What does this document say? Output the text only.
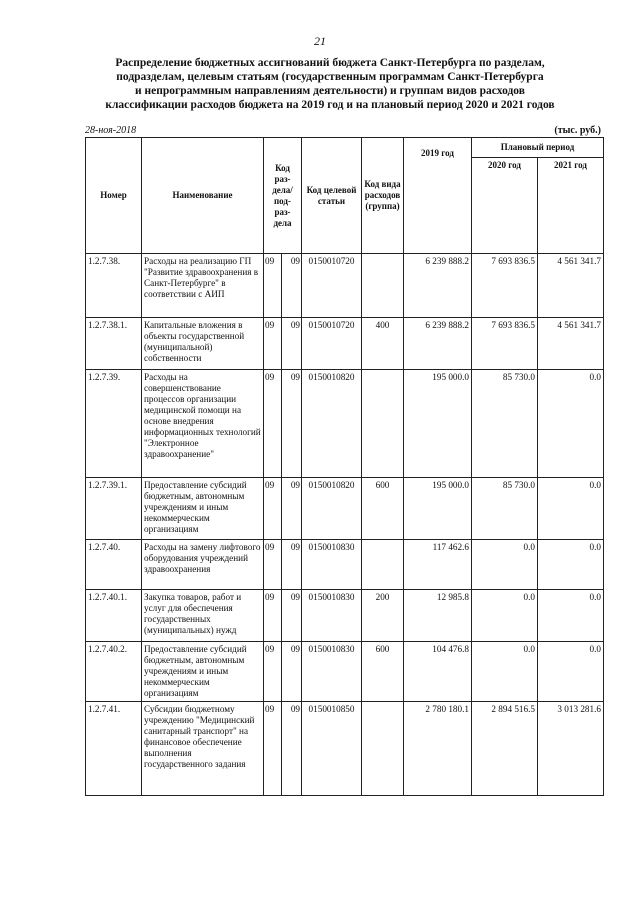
21
Распределение бюджетных ассигнований бюджета Санкт-Петербурга по разделам,
подразделам, целевым статьям (государственным программам Санкт-Петербурга
и непрограммным направлениям деятельности) и группам видов расходов
классификации расходов бюджета на 2019 год и на плановый период 2020 и 2021 годов
28-ноя-2018	(тыс. руб.)
Номер	Наименование	Код раз-дела/ под-раз-дела		Код целевой статьи	Код вида расходов (группа)	2019 год	Плановый период	
							2020 год	2021 год
1.2.7.38.	Расходы на реализацию ГП "Развитие здравоохранения в Санкт-Петербурге" в соответствии с АИП	09	09	0150010720		6 239 888.2	7 693 836.5	4 561 341.7
1.2.7.38.1.	Капитальные вложения в объекты государственной (муниципальной) собственности	09	09	0150010720	400	6 239 888.2	7 693 836.5	4 561 341.7
1.2.7.39.	Расходы на совершенствование процессов организации медицинской помощи на основе внедрения информационных технологий "Электронное здравоохранение"	09	09	0150010820		195 000.0	85 730.0	0.0
1.2.7.39.1.	Предоставление субсидий бюджетным, автономным учреждениям и иным некоммерческим организациям	09	09	0150010820	600	195 000.0	85 730.0	0.0
1.2.7.40.	Расходы на замену лифтового оборудования учреждений здравоохранения	09	09	0150010830		117 462.6	0.0	0.0
1.2.7.40.1.	Закупка товаров, работ и услуг для обеспечения государственных (муниципальных) нужд	09	09	0150010830	200	12 985.8	0.0	0.0
1.2.7.40.2.	Предоставление субсидий бюджетным, автономным учреждениям и иным некоммерческим организациям	09	09	0150010830	600	104 476.8	0.0	0.0
1.2.7.41.	Субсидии бюджетному учреждению "Медицинский санитарный транспорт" на финансовое обеспечение выполнения государственного задания	09	09	0150010850		2 780 180.1	2 894 516.5	3 013 281.6
